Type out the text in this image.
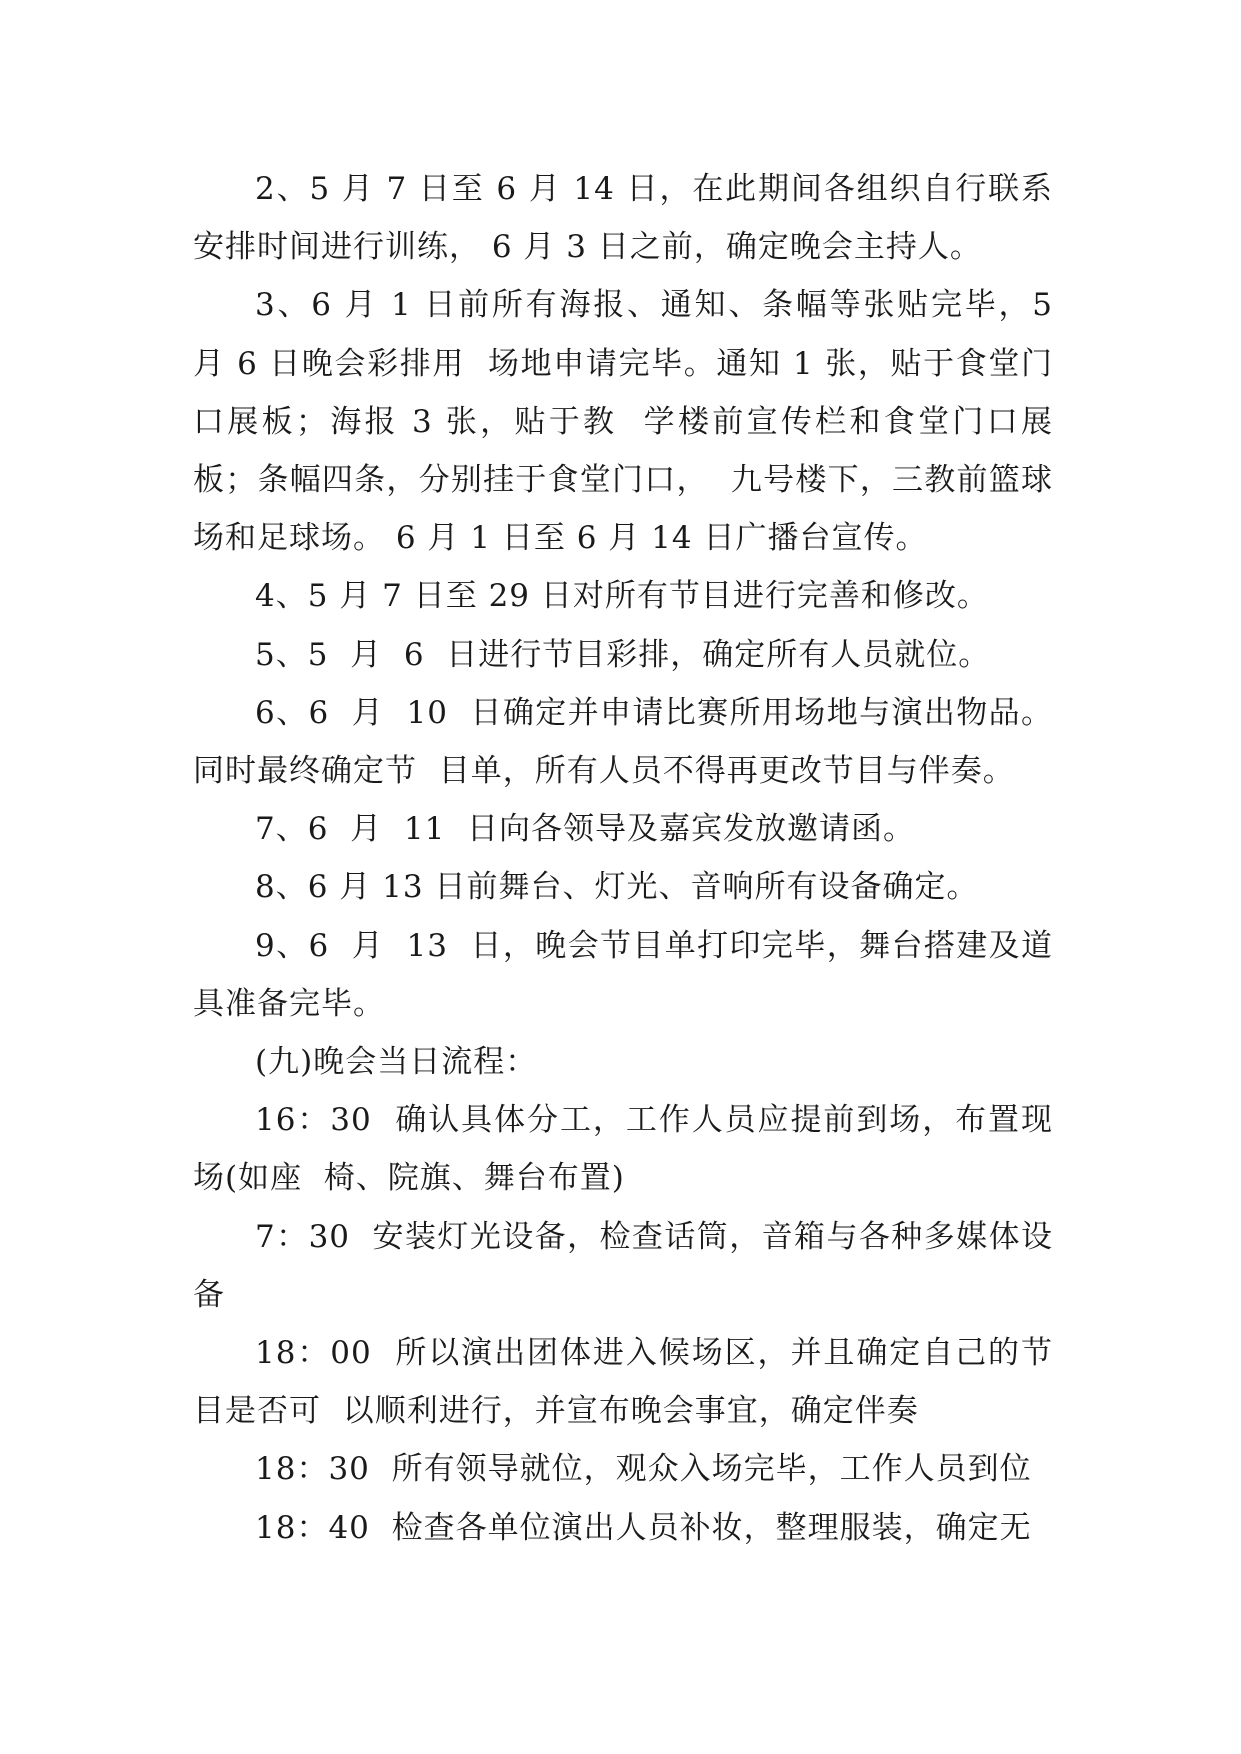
2、5 月 7 日至 6 月 14 日，在此期间各组织自行联系安排时间进行训练， 6 月 3 日之前，确定晚会主持人。

3、6 月 1 日前所有海报、通知、条幅等张贴完毕，5 月 6 日晚会彩排用  场地申请完毕。通知 1 张，贴于食堂门口展板；海报 3 张，贴于教  学楼前宣传栏和食堂门口展板；条幅四条，分别挂于食堂门口，  九号楼下，三教前篮球场和足球场。 6 月 1 日至 6 月 14 日广播台宣传。

4、5 月 7 日至 29 日对所有节目进行完善和修改。

5、5  月  6  日进行节目彩排，确定所有人员就位。

6、6  月  10  日确定并申请比赛所用场地与演出物品。同时最终确定节  目单，所有人员不得再更改节目与伴奏。

7、6  月  11  日向各领导及嘉宾发放邀请函。

8、6 月 13 日前舞台、灯光、音响所有设备确定。

9、6  月  13  日，晚会节目单打印完毕，舞台搭建及道具准备完毕。

(九)晚会当日流程：

16：30  确认具体分工，工作人员应提前到场，布置现场(如座  椅、院旗、舞台布置)

7：30  安装灯光设备，检查话筒，音箱与各种多媒体设备

18：00  所以演出团体进入候场区，并且确定自己的节目是否可  以顺利进行，并宣布晚会事宜，确定伴奏

18：30  所有领导就位，观众入场完毕，工作人员到位

18：40  检查各单位演出人员补妆，整理服装，确定无
